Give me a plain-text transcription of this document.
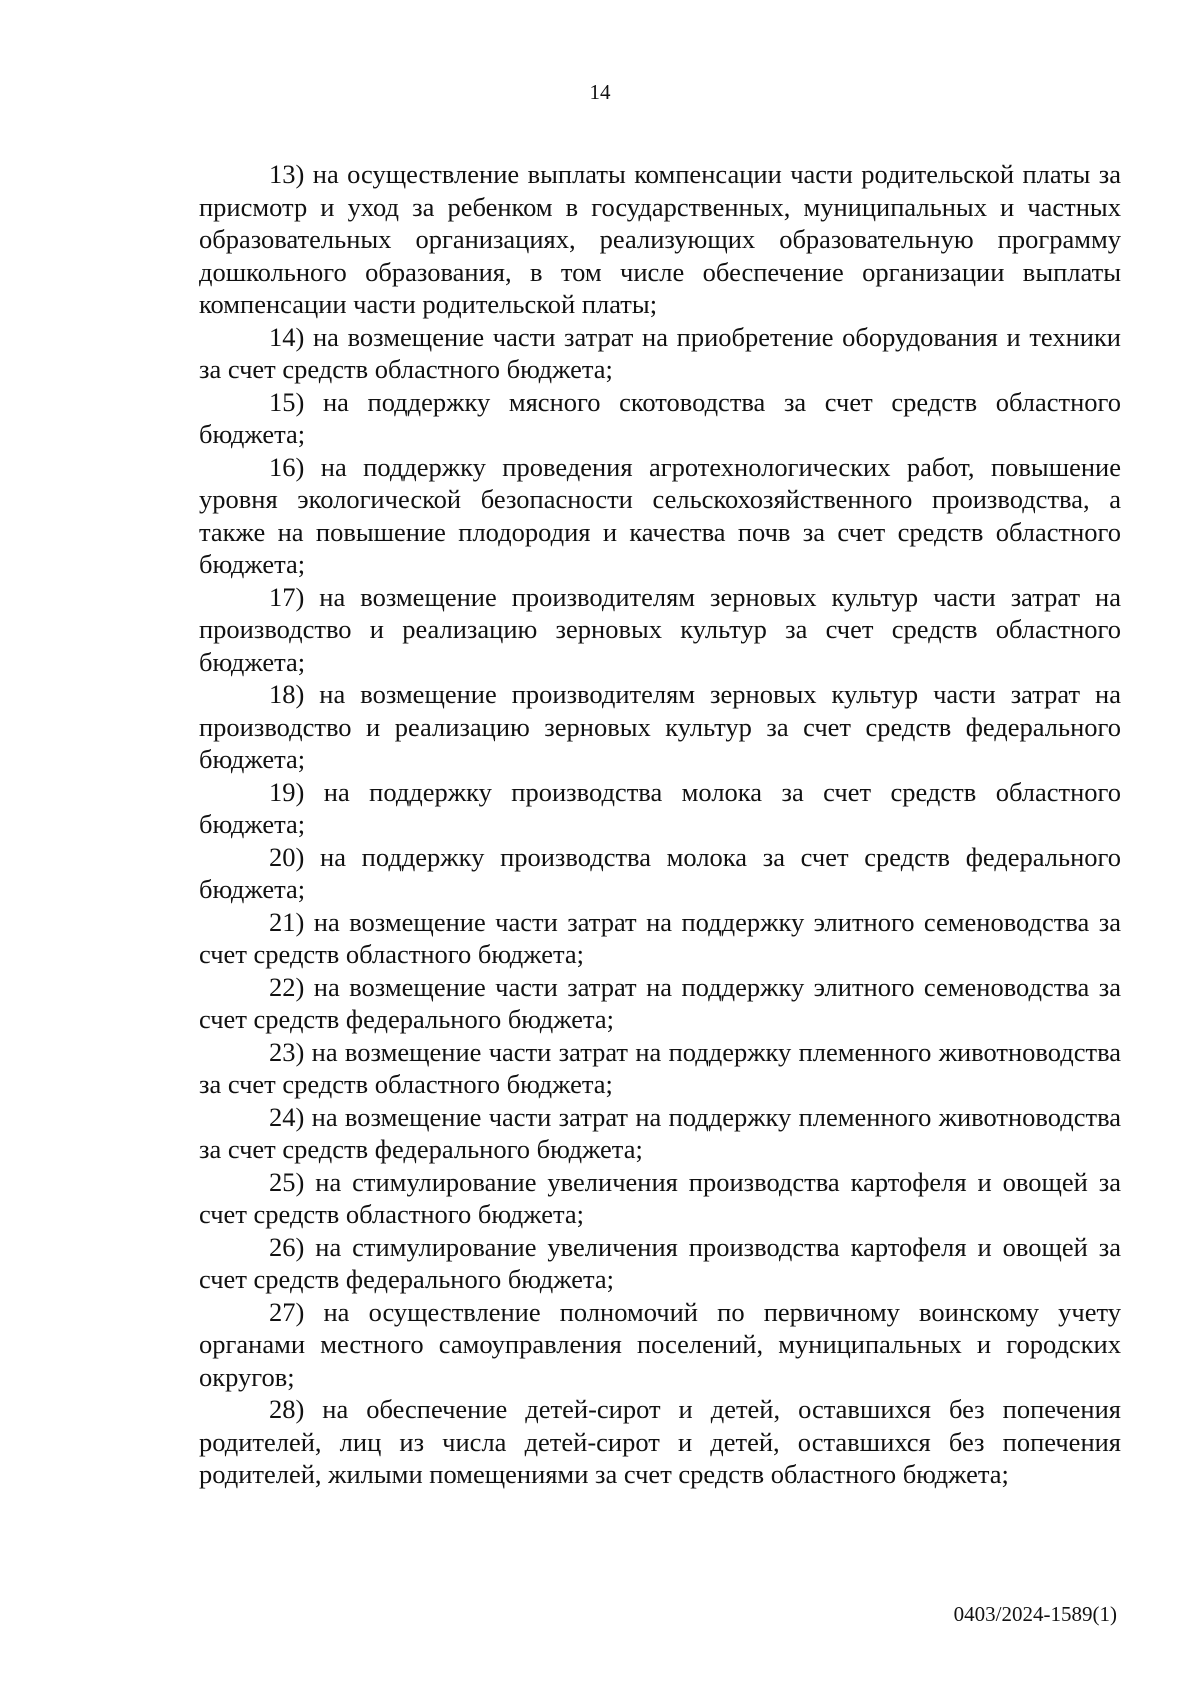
14

13) на осуществление выплаты компенсации части родительской платы за присмотр и уход за ребенком в государственных, муниципальных и частных образовательных организациях, реализующих образовательную программу дошкольного образования, в том числе обеспечение организации выплаты компенсации части родительской платы;

14) на возмещение части затрат на приобретение оборудования и техники за счет средств областного бюджета;

15) на поддержку мясного скотоводства за счет средств областного бюджета;

16) на поддержку проведения агротехнологических работ, повышение уровня экологической безопасности сельскохозяйственного производства, а также на повышение плодородия и качества почв за счет средств областного бюджета;

17) на возмещение производителям зерновых культур части затрат на производство и реализацию зерновых культур за счет средств областного бюджета;

18) на возмещение производителям зерновых культур части затрат на производство и реализацию зерновых культур за счет средств федерального бюджета;

19) на поддержку производства молока за счет средств областного бюджета;

20) на поддержку производства молока за счет средств федерального бюджета;

21) на возмещение части затрат на поддержку элитного семеноводства за счет средств областного бюджета;

22) на возмещение части затрат на поддержку элитного семеноводства за счет средств федерального бюджета;

23) на возмещение части затрат на поддержку племенного животноводства за счет средств областного бюджета;

24) на возмещение части затрат на поддержку племенного животноводства за счет средств федерального бюджета;

25) на стимулирование увеличения производства картофеля и овощей за счет средств областного бюджета;

26) на стимулирование увеличения производства картофеля и овощей за счет средств федерального бюджета;

27) на осуществление полномочий по первичному воинскому учету органами местного самоуправления поселений, муниципальных и городских округов;

28) на обеспечение детей-сирот и детей, оставшихся без попечения родителей, лиц из числа детей-сирот и детей, оставшихся без попечения родителей, жилыми помещениями за счет средств областного бюджета;

0403/2024-1589(1)
